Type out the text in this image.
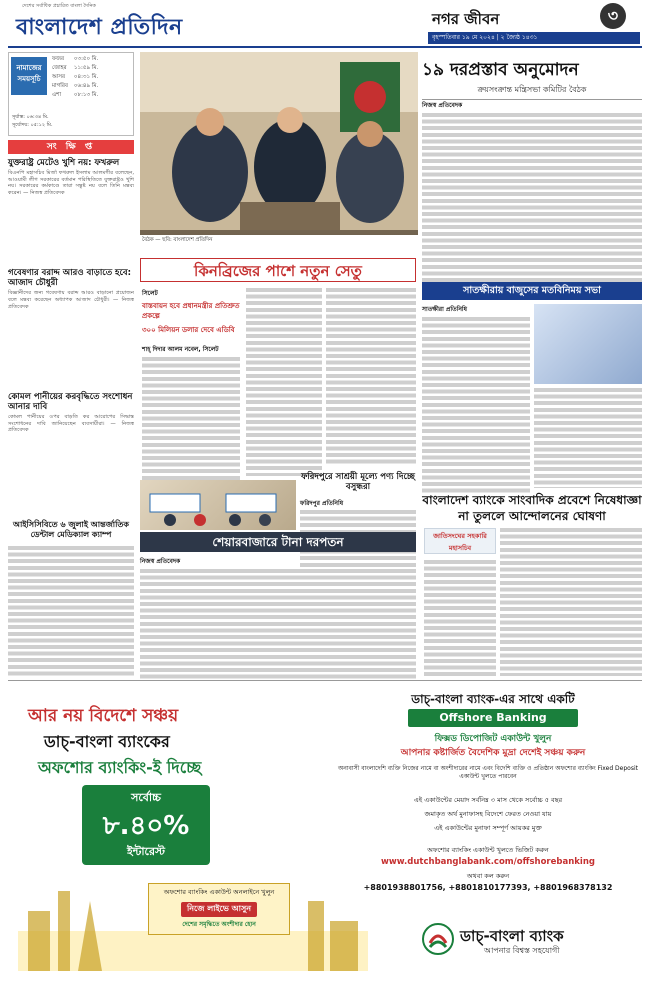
দেশের সর্বাধিক প্রচারিত বাংলা দৈনিক
বাংলাদেশ প্রতিদিন	নগর জীবন	৩
বৃহস্পতিবার ১৯ মে ২০২৪ | ২ জ্যৈষ্ঠ ১৪৩১
নামাজের সময়সূচি
ফজর	০৩:৫০ মি.
জোহর	১১:৫৯ মি.
আসর	০৪:৩১ মি.
মাগরিব	০৬:৪৯ মি.
এশা	০৮:১৩ মি.
সূর্যাস্ত: ০৬:৩৪ মি.
সূর্যোদয়: ০৫:১২ মি.
সং ক্ষি প্ত
যুক্তরাষ্ট্র মেটেও খুশি নয়: ফখরুল

বিএনপি মহাসচিব মির্জা ফখরুল ইসলাম আলমগীর বলেছেন, আওয়ামী লীগ সরকারের বর্তমান পরিস্থিতিতে যুক্তরাষ্ট্রও খুশি নয়। সরকারের কর্মকাণ্ডে তারা সন্তুষ্ট নয় বলে তিনি মন্তব্য করেন। — নিজস্ব প্রতিবেদক

গবেষণার বরাদ্দ আরও বাড়াতে হবে: আজাদ চৌধুরী

বিজ্ঞানীদের জন্য গবেষণায় বরাদ্দ আরও বাড়ানো প্রয়োজন বলে মন্তব্য করেছেন অধ্যাপক আজাদ চৌধুরী। — নিজস্ব প্রতিবেদক

কোমল পানীয়ের করবৃদ্ধিতে সংশোধন আনার দাবি

কোমল পানীয়ের ওপর বাড়তি কর আরোপের সিদ্ধান্ত সংশোধনের দাবি জানিয়েছেন ব্যবসায়ীরা। — নিজস্ব প্রতিবেদক

আইসিসিবিতে ৬ জুলাই আন্তর্জাতিক ডেন্টাল মেডিক্যাল ক্যাম্প
বৈঠক — ছবি: বাংলাদেশ প্রতিদিন
১৯ দরপ্রস্তাব অনুমোদন
ক্রয়সংক্রান্ত মন্ত্রিসভা কমিটির বৈঠক
নিজস্ব প্রতিবেদক
কিনব্রিজের পাশে নতুন সেতু
সিলেট
বাস্তবায়ন হবে প্রধানমন্ত্রীর প্রতিশ্রুত প্রকল্পে
৩০০ মিলিয়ন ডলার দেবে এডিবি
শাহ্ দিদার আলম নবেল, সিলেট
ফরিদপুরে সাশ্রয়ী মূল্যে পণ্য দিচ্ছে বসুন্ধরা
ফরিদপুর প্রতিনিধি
শেয়ারবাজারে টানা দরপতন
নিজস্ব প্রতিবেদক
সাতক্ষীরায় বাজুসের মতবিনিময় সভা
সাতক্ষীরা প্রতিনিধি
বাংলাদেশ ব্যাংকে সাংবাদিক প্রবেশে নিষেধাজ্ঞা না তুললে আন্দোলনের ঘোষণা
জাতিসংঘের সহকারি মহাসচিব
আর নয় বিদেশে সঞ্চয়
ডাচ্-বাংলা ব্যাংকের
অফশোর ব্যাংকিং-ই দিচ্ছে
সর্বোচ্চ
৮.৪০%
ইন্টারেস্ট
অফশোর ব্যাংকিং একাউন্ট অনলাইনে খুলুন
নিজে লাইভে আসুন
দেশের সমৃদ্ধিতে অংশীদার হোন
ডাচ্-বাংলা ব্যাংক-এর সাথে একটি
Offshore Banking
ফিক্সড ডিপোজিট একাউন্ট খুলুন
আপনার কষ্টার্জিত বৈদেশিক মুদ্রা দেশেই সঞ্চয় করুন
অনাবাসী বাংলাদেশি ব্যক্তি নিজের নামে বা অংশীদারের নামে এবং বিদেশি ব্যক্তি ও প্রতিষ্ঠান অফশোর ব্যাংকিং Fixed Deposit একাউন্ট খুলতে পারবেন
এই একাউন্টের মেয়াদ সর্বনিম্ন ৩ মাস থেকে সর্বোচ্চ ৫ বছর
জমাকৃত অর্থ মুনাফাসহ বিদেশে ফেরত নেওয়া যায়
এই একাউন্টের মুনাফা সম্পূর্ণ আয়কর মুক্ত
অফশোর ব্যাংকিং একাউন্ট খুলতে ভিজিট করুন
www.dutchbanglabank.com/offshorebanking
অথবা কল করুন
+8801938801756, +8801810177393, +8801968378132
ডাচ্-বাংলা ব্যাংক
আপনার বিশ্বস্ত সহযোগী
